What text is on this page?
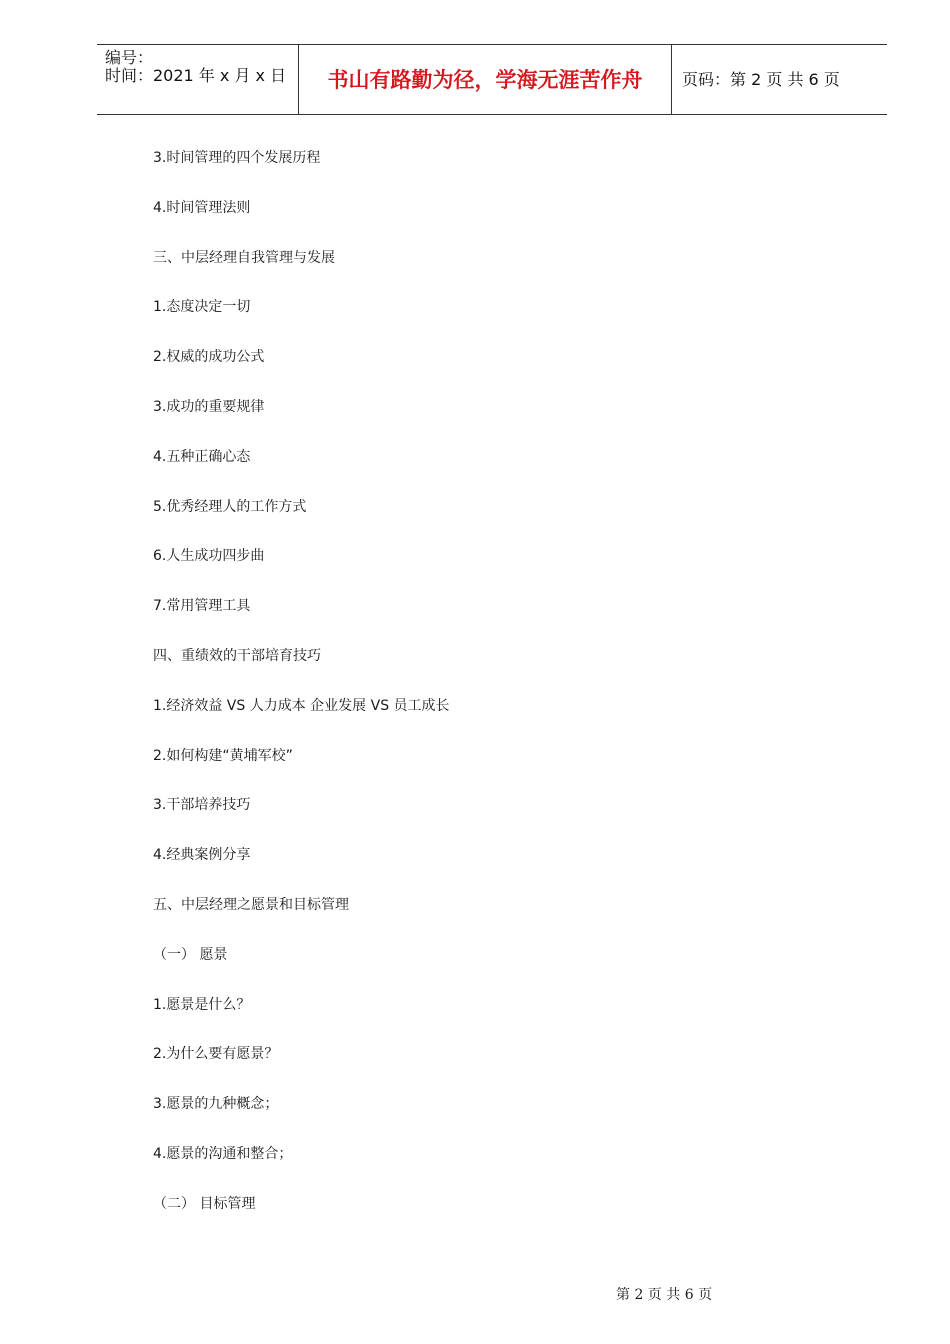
编号：
时间：2021 年 x 月 x 日	书山有路勤为径，学海无涯苦作舟	页码：第 2 页 共 6 页
3.时间管理的四个发展历程
4.时间管理法则
三、中层经理自我管理与发展
1.态度决定一切
2.权威的成功公式
3.成功的重要规律
4.五种正确心态
5.优秀经理人的工作方式
6.人生成功四步曲
7.常用管理工具
四、重绩效的干部培育技巧
1.经济效益 VS 人力成本 企业发展 VS 员工成长
2.如何构建“黄埔军校”
3.干部培养技巧
4.经典案例分享
五、中层经理之愿景和目标管理
（一） 愿景
1.愿景是什么？
2.为什么要有愿景？
3.愿景的九种概念；
4.愿景的沟通和整合；
（二） 目标管理
第 2 页 共 6 页
